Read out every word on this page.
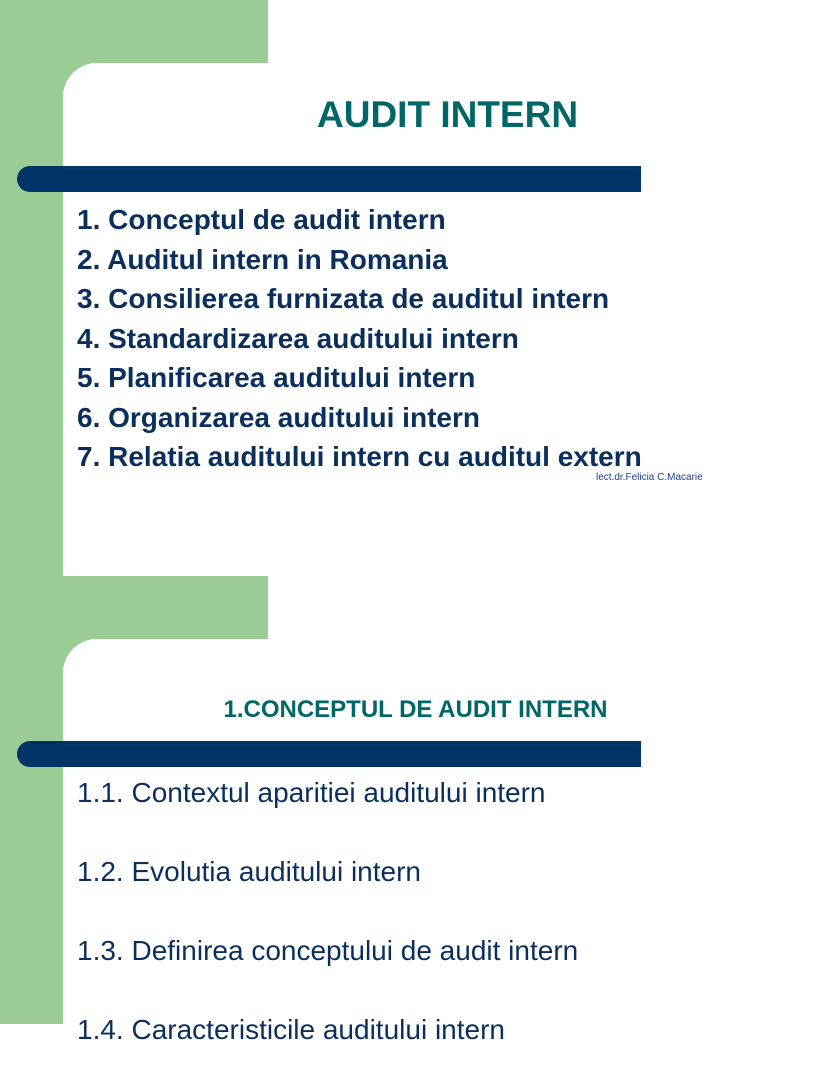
AUDIT INTERN
1. Conceptul de audit intern
2. Auditul intern in Romania
3. Consilierea furnizata de auditul intern
4. Standardizarea auditului intern
5. Planificarea auditului intern
6. Organizarea auditului intern
7. Relatia auditului intern cu auditul extern
lect.dr.Felicia C.Macarie
1.CONCEPTUL DE AUDIT INTERN
1.1. Contextul aparitiei auditului intern
1.2. Evolutia auditului intern
1.3. Definirea conceptului de audit intern
1.4. Caracteristicile auditului intern
